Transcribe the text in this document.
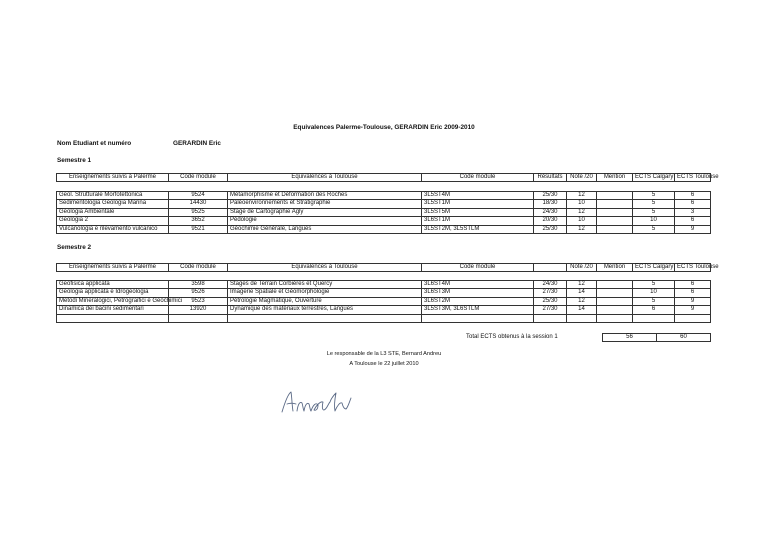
Equivalences Palerme-Toulouse, GERARDIN Eric 2009-2010
Nom Etudiant et numéro	GERARDIN Eric
Semestre 1
Enseignements suivis à Palerme	Code module	Equivalences à Toulouse	Code module	Résultats	Note /20	Mention	ECTS Calgary	ECTS Toulouse
Geol. Strutturale Morfotettonica	9524	Métamorphisme et Déformation des Roches	3L5ST4M	25/30	12		5	6
Sedimentologia Geologia Marina	14430	Paléoenvironnements et Stratigraphie	3L5ST1M	18/30	10		5	6
Geologia Ambientale	9525	Stage de Cartographie Agly	3L5ST5M	24/30	12		5	3
Geologia 2	3652	Pédologie	3L6ST1M	20/30	10		10	6
Vulcanologia e rilevamento vulcanico	9521	Géochimie Générale, Langues	3L5ST2M, 3L5STLM	25/30	12		5	9
Semestre 2
Enseignements suivis à Palerme	Code module	Equivalences à Toulouse	Code module		Note /20	Mention	ECTS Calgary	ECTS Toulouse
Geofisica applicata	3598	Stages de Terrain Corbières et Quercy	3L6ST4M	24/30	12		5	6
Geologia applicata e Idrogeologia	9526	Imagerie Spatiale et Géomorphologie	3L6ST3M	27/30	14		10	6
Metodi Mineralogici, Petrograifici e Geochimici	9523	Pétrologie Magmatique, Ouverture	3L6ST2M	25/30	12		5	9
Dinamica dei bacini sedimentari	13920	Dynamique des matériaux terrestres, Langues	3L5ST3M, 3L6STLM	27/30	14		6	9

Total ECTS obtenus à la session 1	56	60
Le responsable de la L3 STE, Bernard Andreu
A Toulouse le 22 juillet 2010
